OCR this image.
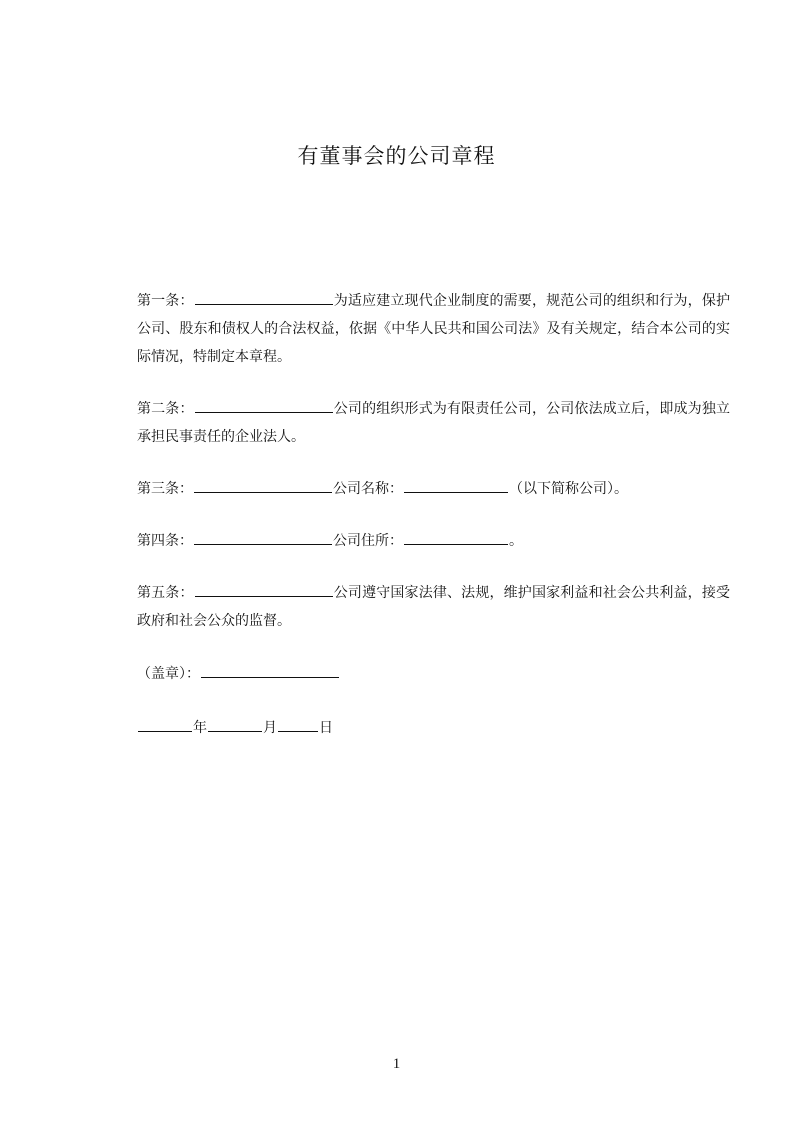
有董事会的公司章程
第一条：	为适应建立现代企业制度的需要，规范公司的组织和行为，保护公司、股东和债权人的合法权益，依据《中华人民共和国公司法》及有关规定，结合本公司的实际情况，特制定本章程。
第二条：	公司的组织形式为有限责任公司，公司依法成立后，即成为独立承担民事责任的企业法人。
第三条：	公司名称：	（以下简称公司）。
第四条：	公司住所：	。
第五条：	公司遵守国家法律、法规，维护国家利益和社会公共利益，接受政府和社会公众的监督。
（盖章）：
年	月	日
1
